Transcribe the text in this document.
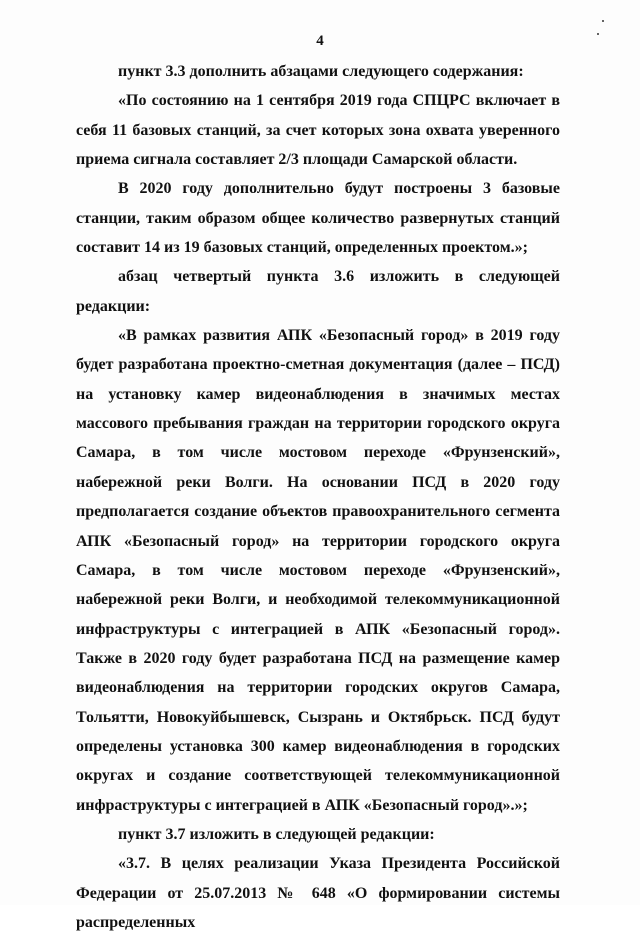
4

пункт 3.3 дополнить абзацами следующего содержания:

«По состоянию на 1 сентября 2019 года СПЦРС включает в себя 11 базовых станций, за счет которых зона охвата уверенного приема сигнала составляет 2/3 площади Самарской области.

В 2020 году дополнительно будут построены 3 базовые станции, таким образом общее количество развернутых станций составит 14 из 19 базовых станций, определенных проектом.»;

абзац четвертый пункта 3.6 изложить в следующей редакции:

«В рамках развития АПК «Безопасный город» в 2019 году будет разработана проектно-сметная документация (далее – ПСД) на установку камер видеонаблюдения в значимых местах массового пребывания граждан на территории городского округа Самара, в том числе мостовом переходе «Фрунзенский», набережной реки Волги. На основании ПСД в 2020 году предполагается создание объектов правоохранительного сегмента АПК «Безопасный город» на территории городского округа Самара, в том числе мостовом переходе «Фрунзенский», набережной реки Волги, и необходимой телекоммуникационной инфраструктуры с интеграцией в АПК «Безопасный город». Также в 2020 году будет разработана ПСД на размещение камер видеонаблюдения на территории городских округов Самара, Тольятти, Новокуйбышевск, Сызрань и Октябрьск. ПСД будут определены установка 300 камер видеонаблюдения в городских округах и создание соответствующей телекоммуникационной инфраструктуры с интеграцией в АПК «Безопасный город».»;

пункт 3.7 изложить в следующей редакции:

«3.7. В целях реализации Указа Президента Российской Федерации от 25.07.2013 № 648 «О формировании системы распределенных
